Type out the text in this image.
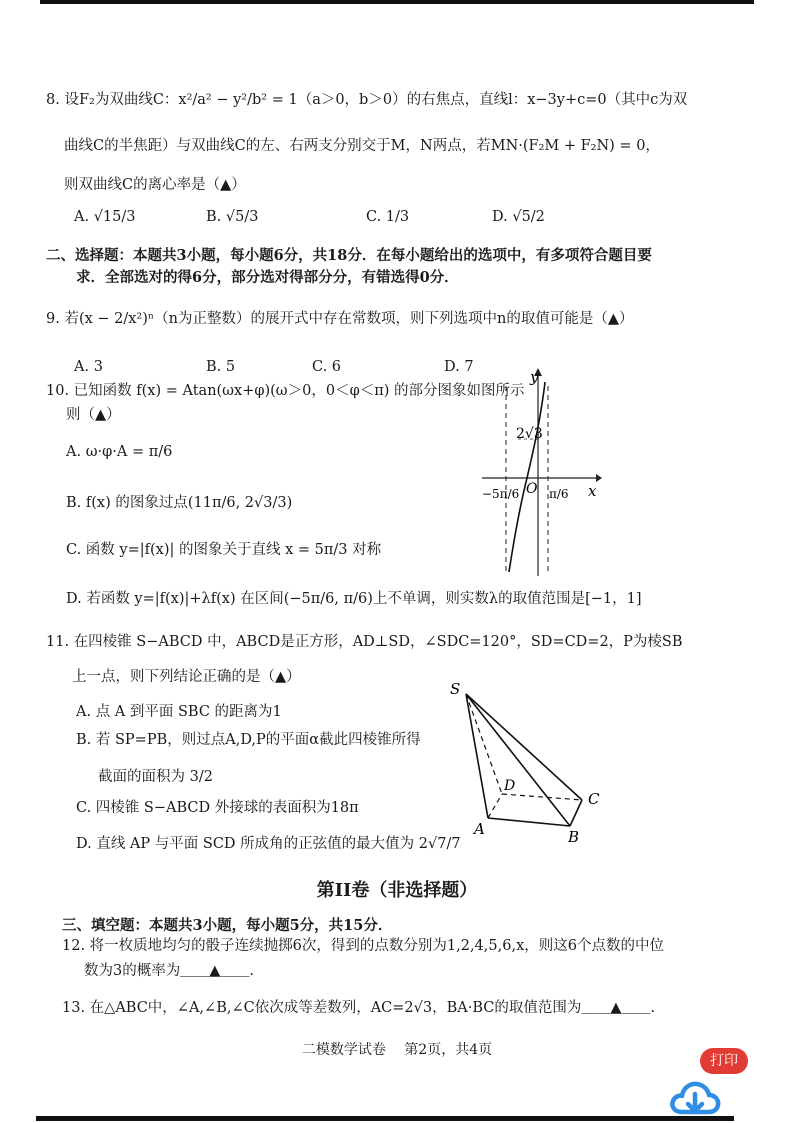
8. 设F₂为双曲线C：x²/a² − y²/b² = 1（a＞0，b＞0）的右焦点，直线l：x−3y+c=0（其中c为双
曲线C的半焦距）与双曲线C的左、右两支分别交于M，N两点，若MN·(F₂M + F₂N) = 0，
则双曲线C的离心率是（▲）
A. √15/3	B. √5/3	C. 1/3	D. √5/2
二、选择题：本题共3小题，每小题6分，共18分．在每小题给出的选项中，有多项符合题目要
求．全部选对的得6分，部分选对得部分分，有错选得0分．
9. 若(x − 2/x²)ⁿ（n为正整数）的展开式中存在常数项，则下列选项中n的取值可能是（▲）
A. 3	B. 5	C. 6	D. 7
10. 已知函数 f(x) = Atan(ωx+φ)(ω＞0，0＜φ＜π) 的部分图象如图所示
则（▲）
A. ω·φ·A = π/6
B. f(x) 的图象过点(11π/6, 2√3/3)
C. 函数 y=|f(x)| 的图象关于直线 x = 5π/3 对称
D. 若函数 y=|f(x)|+λf(x) 在区间(−5π/6, π/6)上不单调，则实数λ的取值范围是[−1，1]
y
x
2√3
O
−5π/6 π/6
11. 在四棱锥 S−ABCD 中，ABCD是正方形，AD⊥SD，∠SDC=120°，SD=CD=2，P为棱SB
上一点，则下列结论正确的是（▲）
A. 点 A 到平面 SBC 的距离为1
B. 若 SP=PB，则过点A,D,P的平面α截此四棱锥所得
截面的面积为 3/2
C. 四棱锥 S−ABCD 外接球的表面积为18π
D. 直线 AP 与平面 SCD 所成角的正弦值的最大值为 2√7/7
S
D
C
A	B
第II卷（非选择题）
三、填空题：本题共3小题，每小题5分，共15分．
12. 将一枚质地均匀的骰子连续抛掷6次，得到的点数分别为1,2,4,5,6,x，则这6个点数的中位
数为3的概率为＿＿▲＿＿.
13. 在△ABC中，∠A,∠B,∠C依次成等差数列，AC=2√3，BA·BC的取值范围为＿＿▲＿＿.
二模数学试卷　 第2页，共4页
打印
